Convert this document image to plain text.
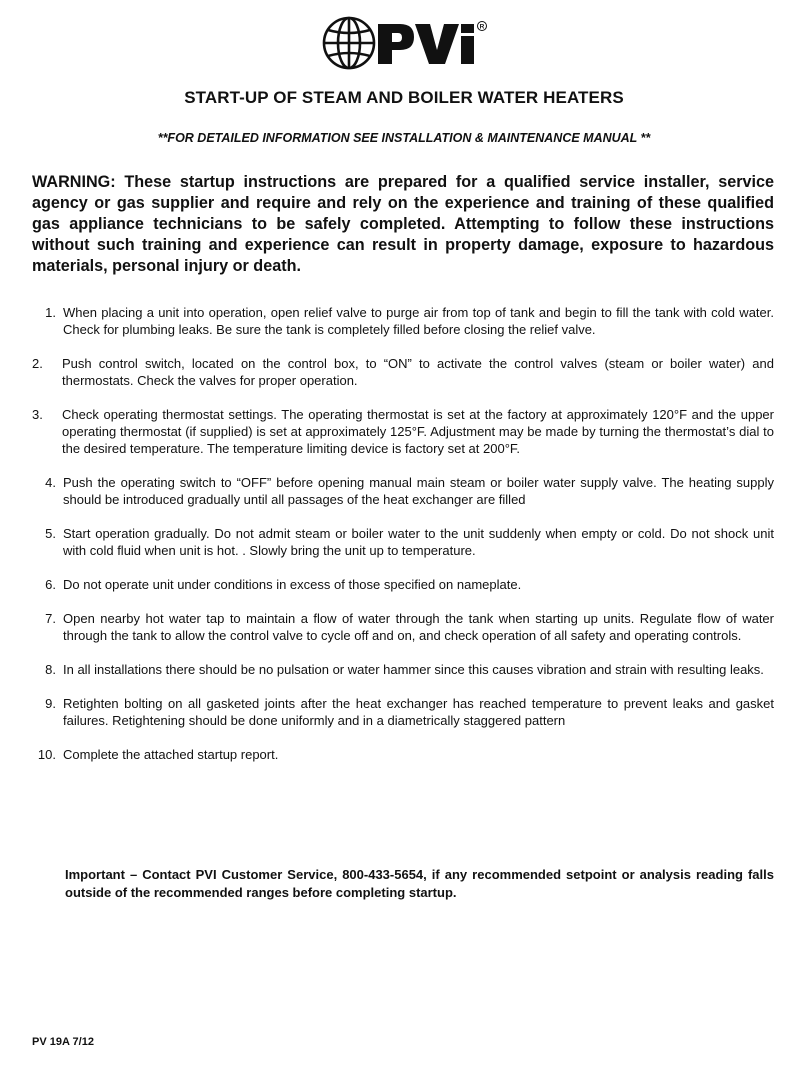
R
START-UP OF STEAM AND BOILER WATER HEATERS
**FOR DETAILED INFORMATION SEE INSTALLATION & MAINTENANCE MANUAL **
WARNING: These startup instructions are prepared for a qualified service installer, service agency or gas supplier and require and rely on the experience and training of these qualified gas appliance technicians to be safely completed. Attempting to follow these instructions without such training and experience can result in property damage, exposure to hazardous materials, personal injury or death.
1. When placing a unit into operation, open relief valve to purge air from top of tank and begin to fill the tank with cold water. Check for plumbing leaks. Be sure the tank is completely filled before closing the relief valve.
2. Push control switch, located on the control box, to “ON” to activate the control valves (steam or boiler water) and thermostats. Check the valves for proper operation.
3. Check operating thermostat settings. The operating thermostat is set at the factory at approximately 120°F and the upper operating thermostat (if supplied) is set at approximately 125°F. Adjustment may be made by turning the thermostat’s dial to the desired temperature. The temperature limiting device is factory set at 200°F.
4. Push the operating switch to “OFF” before opening manual main steam or boiler water supply valve. The heating supply should be introduced gradually until all passages of the heat exchanger are filled
5. Start operation gradually. Do not admit steam or boiler water to the unit suddenly when empty or cold. Do not shock unit with cold fluid when unit is hot. . Slowly bring the unit up to temperature.
6. Do not operate unit under conditions in excess of those specified on nameplate.
7. Open nearby hot water tap to maintain a flow of water through the tank when starting up units. Regulate flow of water through the tank to allow the control valve to cycle off and on, and check operation of all safety and operating controls.
8. In all installations there should be no pulsation or water hammer since this causes vibration and strain with resulting leaks.
9. Retighten bolting on all gasketed joints after the heat exchanger has reached temperature to prevent leaks and gasket failures. Retightening should be done uniformly and in a diametrically staggered pattern
10. Complete the attached startup report.
Important – Contact PVI Customer Service, 800-433-5654, if any recommended setpoint or analysis reading falls outside of the recommended ranges before completing startup.
PV 19A 7/12
